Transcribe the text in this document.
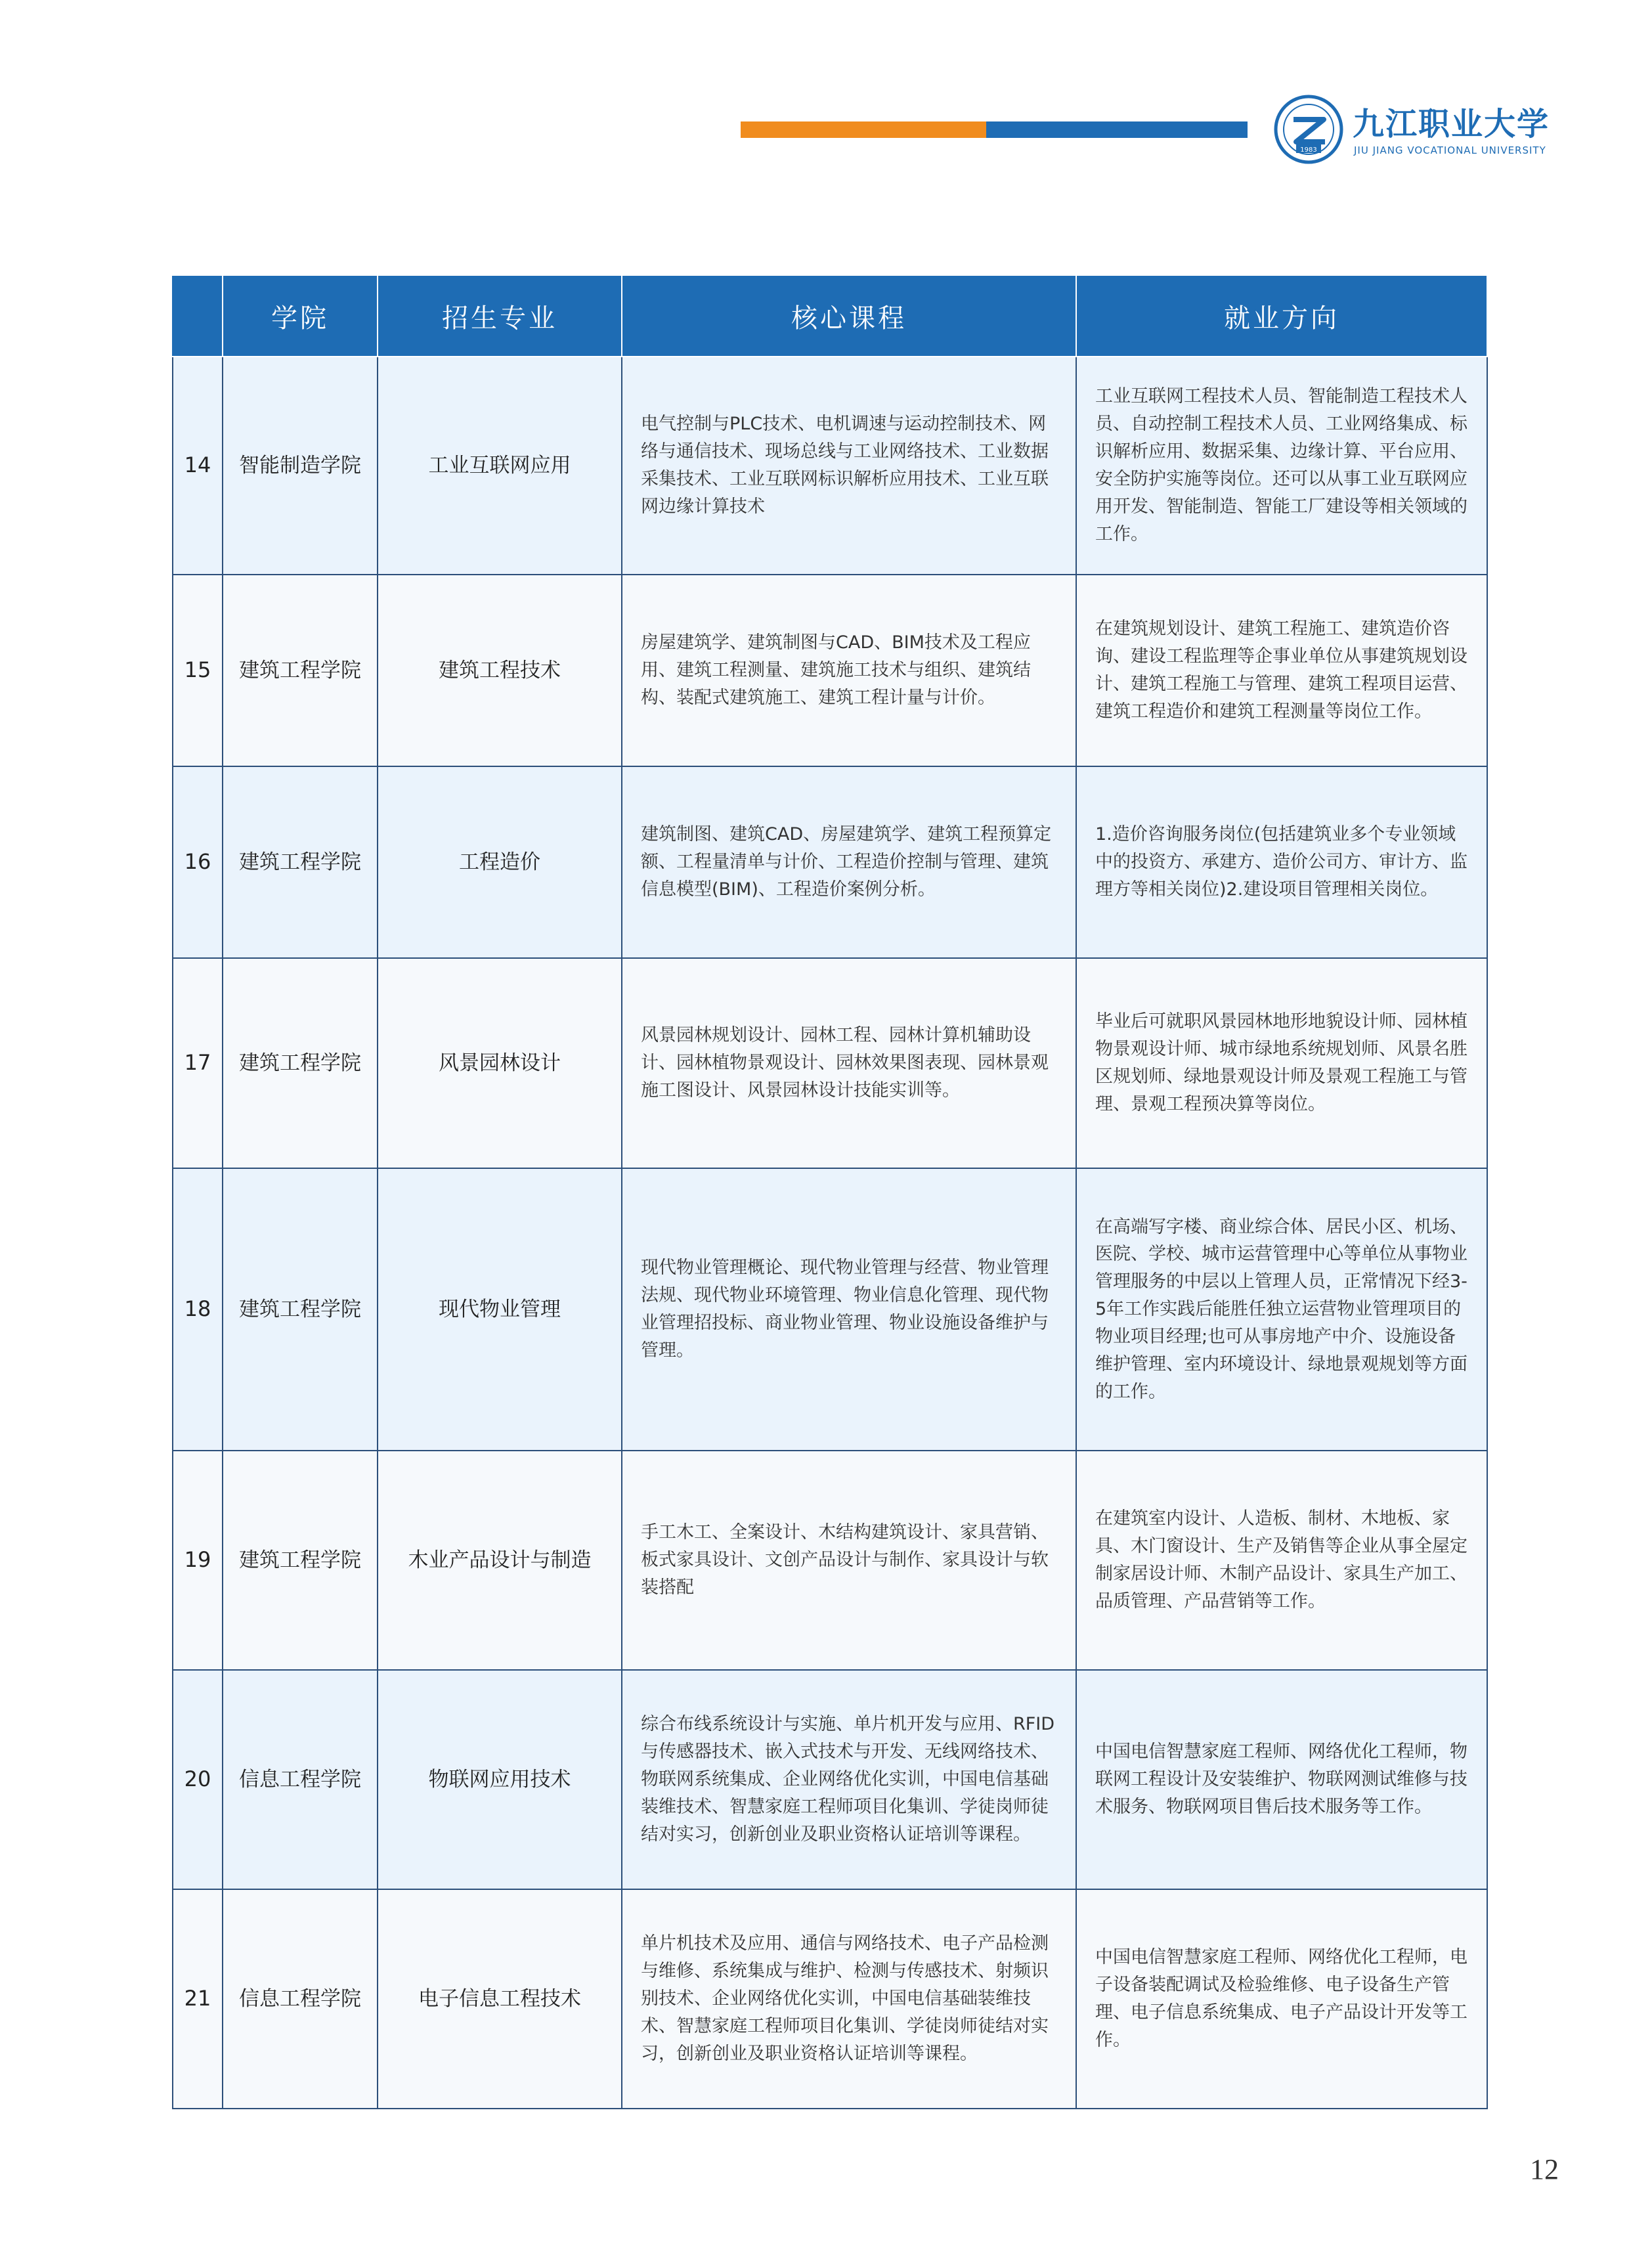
1983
九江职业大学
JIU JIANG VOCATIONAL UNIVERSITY
	学院	招生专业	核心课程	就业方向
14	智能制造学院	工业互联网应用	电气控制与PLC技术、电机调速与运动控制技术、网络与通信技术、现场总线与工业网络技术、工业数据采集技术、工业互联网标识解析应用技术、工业互联网边缘计算技术	工业互联网工程技术人员、智能制造工程技术人员、自动控制工程技术人员、工业网络集成、标识解析应用、数据采集、边缘计算、平台应用、安全防护实施等岗位。还可以从事工业互联网应用开发、智能制造、智能工厂建设等相关领域的工作。
15	建筑工程学院	建筑工程技术	房屋建筑学、建筑制图与CAD、BIM技术及工程应用、建筑工程测量、建筑施工技术与组织、建筑结构、装配式建筑施工、建筑工程计量与计价。	在建筑规划设计、建筑工程施工、建筑造价咨询、建设工程监理等企事业单位从事建筑规划设计、建筑工程施工与管理、建筑工程项目运营、建筑工程造价和建筑工程测量等岗位工作。
16	建筑工程学院	工程造价	建筑制图、建筑CAD、房屋建筑学、建筑工程预算定额、工程量清单与计价、工程造价控制与管理、建筑信息模型(BIM)、工程造价案例分析。	1.造价咨询服务岗位(包括建筑业多个专业领域中的投资方、承建方、造价公司方、审计方、监理方等相关岗位)2.建设项目管理相关岗位。
17	建筑工程学院	风景园林设计	风景园林规划设计、园林工程、园林计算机辅助设计、园林植物景观设计、园林效果图表现、园林景观施工图设计、风景园林设计技能实训等。	毕业后可就职风景园林地形地貌设计师、园林植物景观设计师、城市绿地系统规划师、风景名胜区规划师、绿地景观设计师及景观工程施工与管理、景观工程预决算等岗位。
18	建筑工程学院	现代物业管理	现代物业管理概论、现代物业管理与经营、物业管理法规、现代物业环境管理、物业信息化管理、现代物业管理招投标、商业物业管理、物业设施设备维护与管理。	在高端写字楼、商业综合体、居民小区、机场、医院、学校、城市运营管理中心等单位从事物业管理服务的中层以上管理人员，正常情况下经3-5年工作实践后能胜任独立运营物业管理项目的物业项目经理;也可从事房地产中介、设施设备维护管理、室内环境设计、绿地景观规划等方面的工作。
19	建筑工程学院	木业产品设计与制造	手工木工、全案设计、木结构建筑设计、家具营销、板式家具设计、文创产品设计与制作、家具设计与软装搭配	在建筑室内设计、人造板、制材、木地板、家具、木门窗设计、生产及销售等企业从事全屋定制家居设计师、木制产品设计、家具生产加工、品质管理、产品营销等工作。
20	信息工程学院	物联网应用技术	综合布线系统设计与实施、单片机开发与应用、RFID与传感器技术、嵌入式技术与开发、无线网络技术、物联网系统集成、企业网络优化实训，中国电信基础装维技术、智慧家庭工程师项目化集训、学徒岗师徒结对实习，创新创业及职业资格认证培训等课程。	中国电信智慧家庭工程师、网络优化工程师，物联网工程设计及安装维护、物联网测试维修与技术服务、物联网项目售后技术服务等工作。
21	信息工程学院	电子信息工程技术	单片机技术及应用、通信与网络技术、电子产品检测与维修、系统集成与维护、检测与传感技术、射频识别技术、企业网络优化实训，中国电信基础装维技术、智慧家庭工程师项目化集训、学徒岗师徒结对实习，创新创业及职业资格认证培训等课程。	中国电信智慧家庭工程师、网络优化工程师，电子设备装配调试及检验维修、电子设备生产管理、电子信息系统集成、电子产品设计开发等工作。
12
